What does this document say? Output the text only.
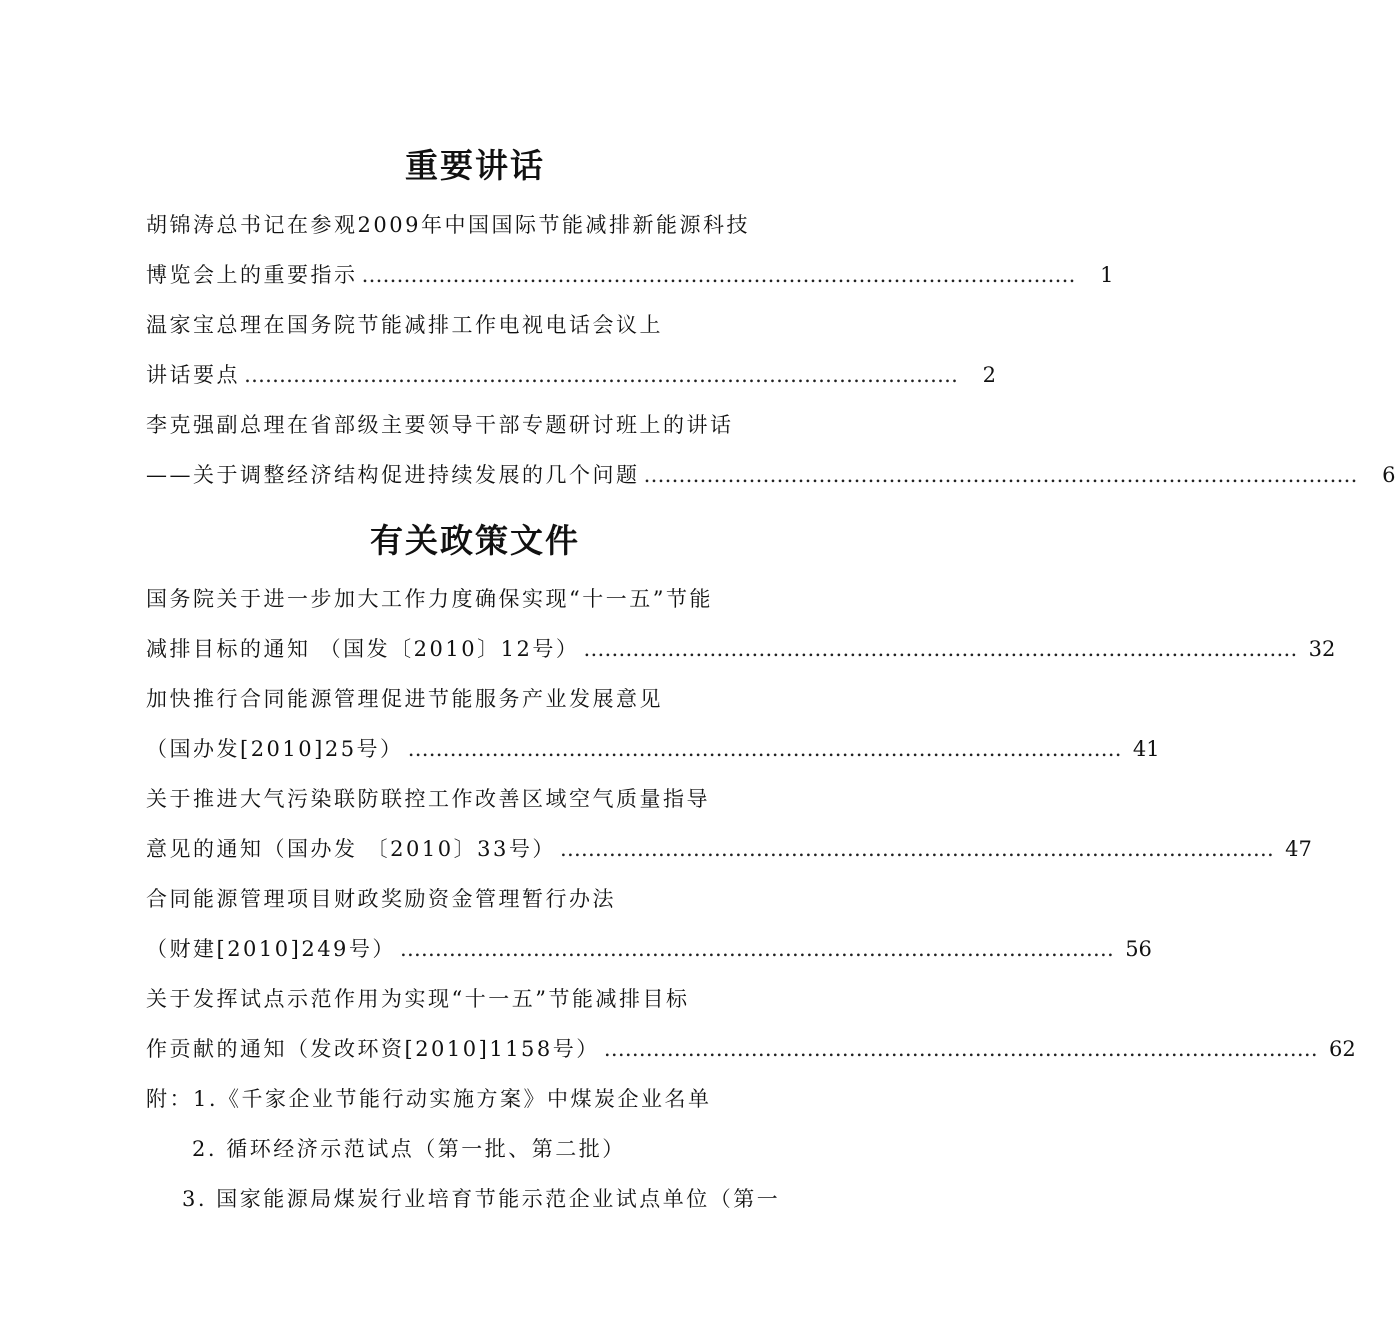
重要讲话
胡锦涛总书记在参观2009年中国国际节能减排新能源科技
博览会上的重要指示 …………………………………………………………………………………………	1
温家宝总理在国务院节能减排工作电视电话会议上
讲话要点 …………………………………………………………………………………………	2
李克强副总理在省部级主要领导干部专题研讨班上的讲话
——关于调整经济结构促进持续发展的几个问题 …………………………………………………………………………………………	6
有关政策文件
国务院关于进一步加大工作力度确保实现“十一五”节能
减排目标的通知 （国发〔2010〕12号） ………………………………………………………………………………………… 32
加快推行合同能源管理促进节能服务产业发展意见
（国办发[2010]25号） ………………………………………………………………………………………… 41
关于推进大气污染联防联控工作改善区域空气质量指导
意见的通知（国办发 〔2010〕33号） ………………………………………………………………………………………… 47
合同能源管理项目财政奖励资金管理暂行办法
（财建[2010]249号） ………………………………………………………………………………………… 56
关于发挥试点示范作用为实现“十一五”节能减排目标
作贡献的通知（发改环资[2010]1158号） ………………………………………………………………………………………… 62
附：1.《千家企业节能行动实施方案》中煤炭企业名单
2. 循环经济示范试点（第一批、第二批）
3. 国家能源局煤炭行业培育节能示范企业试点单位（第一
